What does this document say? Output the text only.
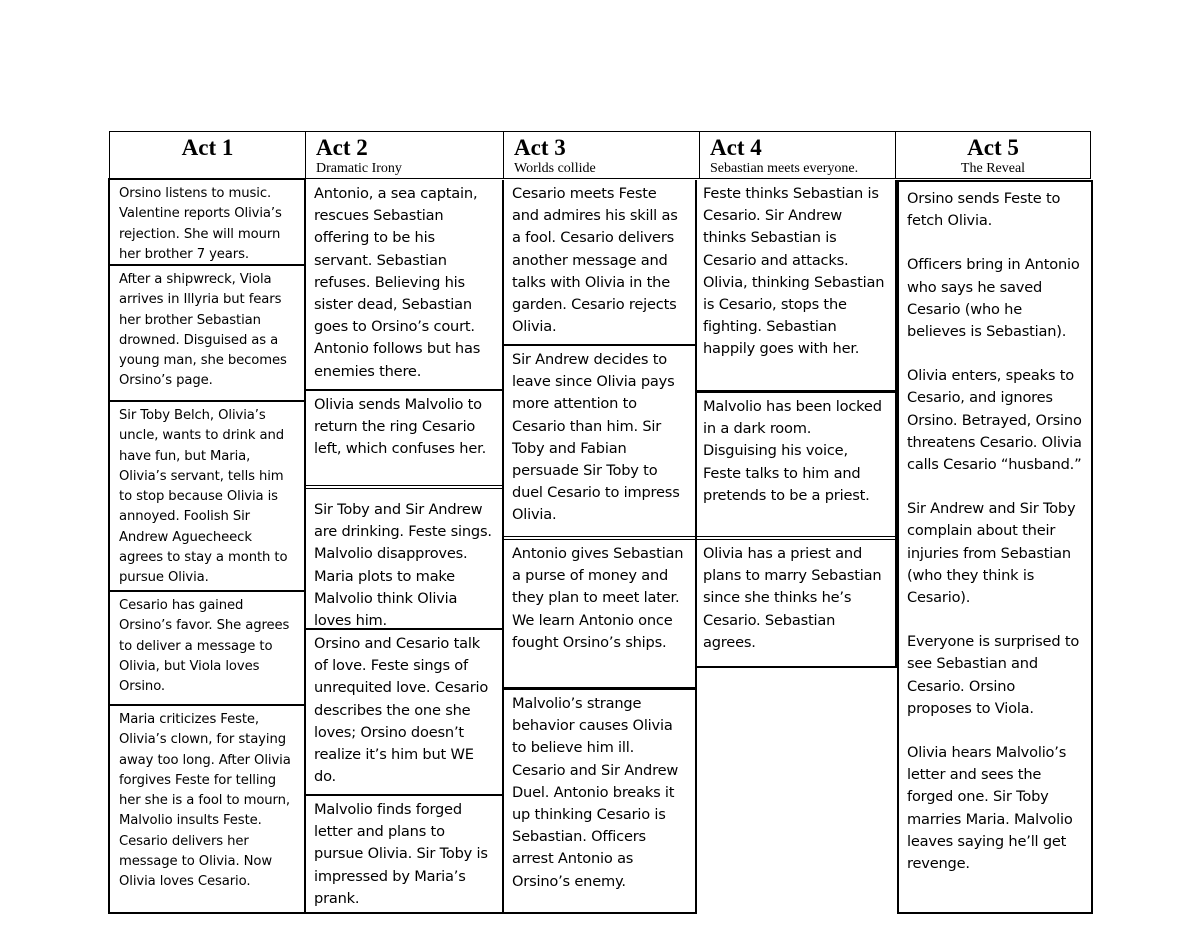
Act 1	Act 2
Dramatic Irony
Act 3
Worlds collide
Act 4
Sebastian meets everyone.
Act 5
The Reveal
Orsino listens to music. Valentine reports Olivia’s rejection. She will mourn her brother 7 years.
After a shipwreck, Viola arrives in Illyria but fears her brother Sebastian drowned. Disguised as a young man, she becomes Orsino’s page.
Sir Toby Belch, Olivia’s uncle, wants to drink and have fun, but Maria, Olivia’s servant, tells him to stop because Olivia is annoyed. Foolish Sir Andrew Aguecheeck agrees to stay a month to pursue Olivia.
Cesario has gained Orsino’s favor. She agrees to deliver a message to Olivia, but Viola loves Orsino.
Maria criticizes Feste, Olivia’s clown, for staying away too long. After Olivia forgives Feste for telling her she is a fool to mourn, Malvolio insults Feste. Cesario delivers her message to Olivia. Now Olivia loves Cesario.
Antonio, a sea captain, rescues Sebastian offering to be his servant. Sebastian refuses. Believing his sister dead, Sebastian goes to Orsino’s court. Antonio follows but has enemies there.
Olivia sends Malvolio to return the ring Cesario left, which confuses her.
Sir Toby and Sir Andrew are drinking. Feste sings. Malvolio disapproves. Maria plots to make Malvolio think Olivia loves him.
Orsino and Cesario talk of love. Feste sings of unrequited love. Cesario describes the one she loves; Orsino doesn’t realize it’s him but WE do.
Malvolio finds forged letter and plans to pursue Olivia. Sir Toby is impressed by Maria’s prank.
Cesario meets Feste and admires his skill as a fool. Cesario delivers another message and talks with Olivia in the garden. Cesario rejects Olivia.
Sir Andrew decides to leave since Olivia pays more attention to Cesario than him. Sir Toby and Fabian persuade Sir Toby to duel Cesario to impress Olivia.
Antonio gives Sebastian a purse of money and they plan to meet later. We learn Antonio once fought Orsino’s ships.
Malvolio’s strange behavior causes Olivia to believe him ill. Cesario and Sir Andrew Duel. Antonio breaks it up thinking Cesario is Sebastian. Officers arrest Antonio as Orsino’s enemy.
Feste thinks Sebastian is Cesario. Sir Andrew thinks Sebastian is Cesario and attacks. Olivia, thinking Sebastian is Cesario, stops the fighting. Sebastian happily goes with her.
Malvolio has been locked in a dark room. Disguising his voice, Feste talks to him and pretends to be a priest.
Olivia has a priest and plans to marry Sebastian since she thinks he’s Cesario. Sebastian agrees.
Orsino sends Feste to fetch Olivia.
Officers bring in Antonio who says he saved Cesario (who he believes is Sebastian).
Olivia enters, speaks to Cesario, and ignores Orsino. Betrayed, Orsino threatens Cesario. Olivia calls Cesario “husband.”
Sir Andrew and Sir Toby complain about their injuries from Sebastian (who they think is Cesario).
Everyone is surprised to see Sebastian and Cesario. Orsino proposes to Viola.
Olivia hears Malvolio’s letter and sees the forged one. Sir Toby marries Maria. Malvolio leaves saying he’ll get revenge.
